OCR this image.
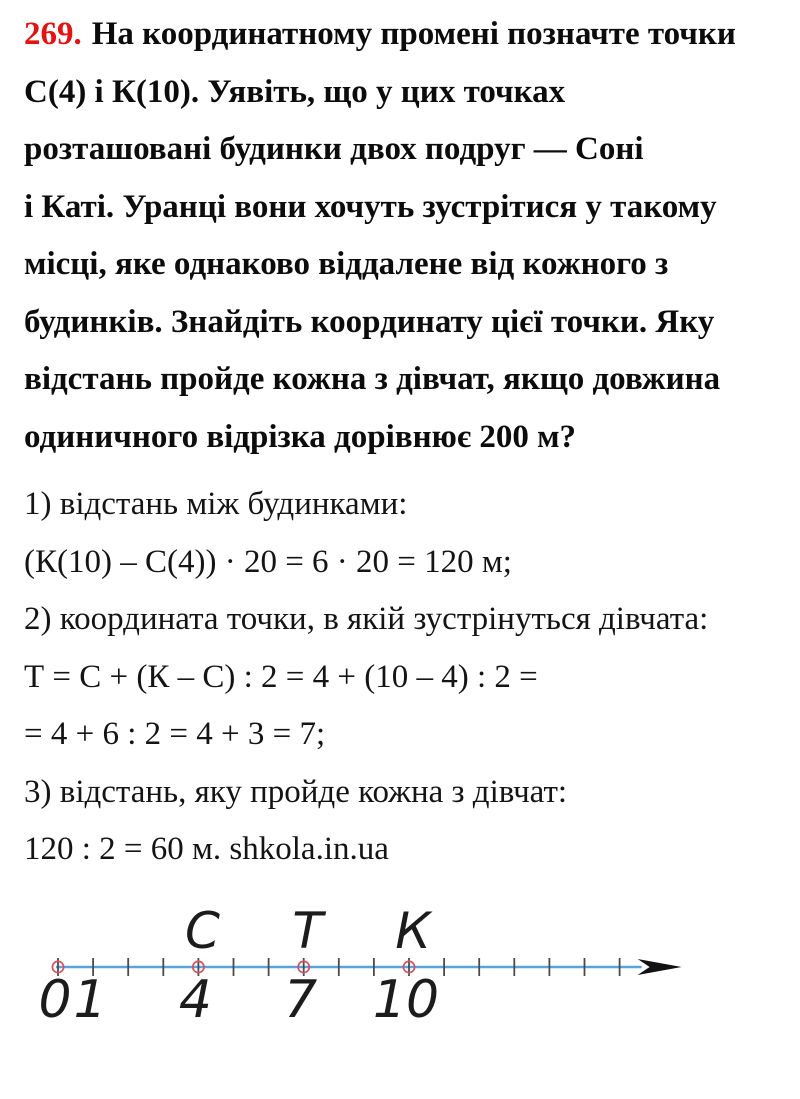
269. На координатному промені позначте точки
С(4) і К(10). Уявіть, що у цих точках
розташовані будинки двох подруг — Соні
і Каті. Уранці вони хочуть зустрітися у такому
місці, яке однаково віддалене від кожного з
будинків. Знайдіть координату цієї точки. Яку
відстань пройде кожна з дівчат, якщо довжина
одиничного відрізка дорівнює 200 м?
1) відстань між будинками:
(К(10) – С(4)) · 20 = 6 · 20 = 120 м;
2) координата точки, в якій зустрінуться дівчата:
Т = С + (К – С) : 2 = 4 + (10 – 4) : 2 =
= 4 + 6 : 2 = 4 + 3 = 7;
3) відстань, яку пройде кожна з дівчат:
120 : 2 = 60 м. shkola.in.ua
0 1
С
4
Т
7
К
10
